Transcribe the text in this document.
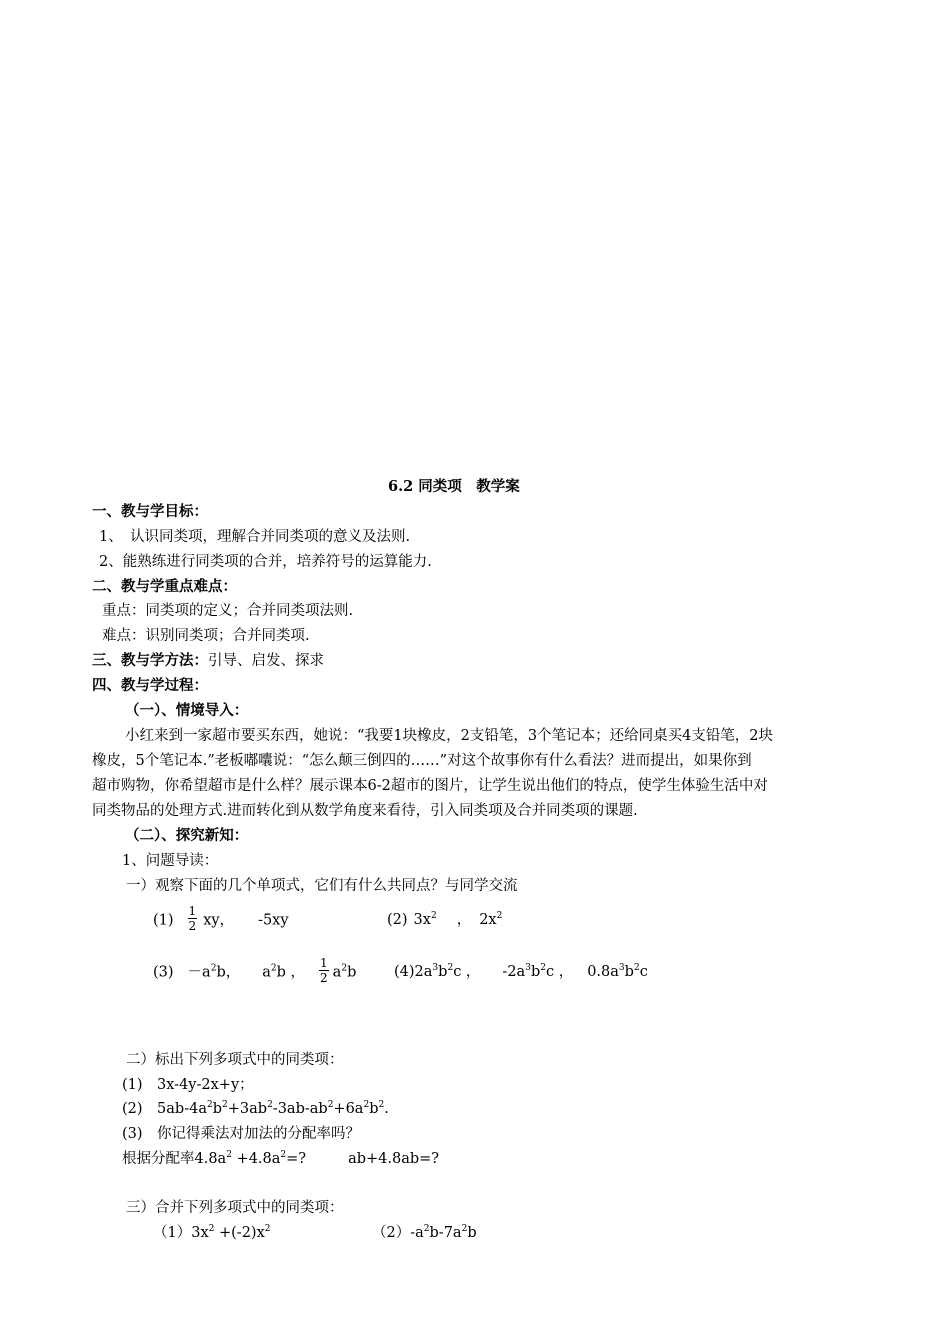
6.2 同类项　教学案
一、教与学目标：
1、　认识同类项，理解合并同类项的意义及法则.
2、能熟练进行同类项的合并，培养符号的运算能力.
二、教与学重点难点：
重点：同类项的定义；合并同类项法则.
难点：识别同类项；合并同类项.
三、教与学方法：引导、启发、探求
四、教与学过程：
（一）、情境导入：
小红来到一家超市要买东西，她说：“我要1块橡皮，2支铅笔，3个笔记本；还给同桌买4支铅笔，2块
橡皮，5个笔记本.”老板嘟囔说：“怎么颠三倒四的……”对这个故事你有什么看法？进而提出，如果你到
超市购物，你希望超市是什么样？展示课本6-2超市的图片，让学生说出他们的特点，使学生体验生活中对
同类物品的处理方式.进而转化到从数学角度来看待，引入同类项及合并同类项的课题.
（二）、探究新知：
1、问题导读：
一）观察下面的几个单项式，它们有什么共同点？与同学交流
$(1) \frac{1}{2}$ xy， -5xy	(2) $3x^2$ ， $2x^2$
$(3) -a^2b$， $a^2b$ ， $\frac{1}{2} a^2b$	$(4)2a^3b^2c$ ， $-2a^3b^2c$ ， $0.8a^3b^2c$
二）标出下列多项式中的同类项：
(1)　3x-4y-2x+y；
(2)　$5ab-4a^2b^2+3ab^2-3ab-ab^2+6a^2b^2$.
(3)　你记得乘法对加法的分配率吗？
根据分配率$4.8a^2 +4.8a^2=$?	ab+4.8ab=?
三）合并下列多项式中的同类项：
$(1)3x^2 +(-2)x^2$	$(2)-a^2b-7a^2b$
